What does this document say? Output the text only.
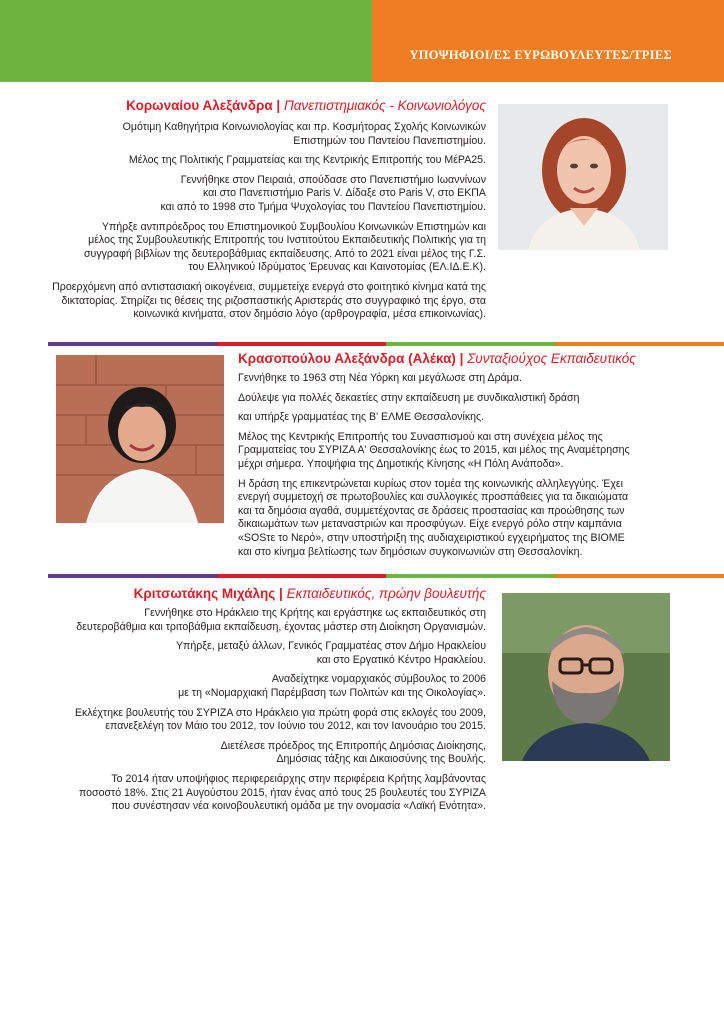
ΥΠΟΨΗΦΙΟΙ/ΕΣ ΕΥΡΩΒΟΥΛΕΥΤΕΣ/ΤΡΙΕΣ
Κορωναίου Αλεξάνδρα | Πανεπιστημιακός - Κοινωνιολόγος

Ομότιμη Καθηγήτρια Κοινωνιολογίας και πρ. Κοσμήτορας Σχολής Κοινωνικών
Επιστημών του Παντείου Πανεπιστημίου.

Μέλος της Πολιτικής Γραμματείας και της Κεντρικής Επιτροπής του ΜέΡΑ25.

Γεννήθηκε στον Πειραιά, σπούδασε στο Πανεπιστήμιο Ιωαννίνων
και στο Πανεπιστήμιο Paris V. Δίδαξε στο Paris V, στο ΕΚΠΑ
και από το 1998 στο Τμήμα Ψυχολογίας του Παντείου Πανεπιστημίου.

Υπήρξε αντιπρόεδρος του Επιστημονικού Συμβουλίου Κοινωνικών Επιστημών και
μέλος της Συμβουλευτικής Επιτροπής του Ινστιτούτου Εκπαιδευτικής Πολιτικής για τη
συγγραφή βιβλίων της δευτεροβάθμιας εκπαίδευσης. Από το 2021 είναι μέλος της Γ.Σ.
του Ελληνικού Ιδρύματος Έρευνας και Καινοτομίας (ΕΛ.ΙΔ.Ε.Κ).

Προερχόμενη από αντιστασιακή οικογένεια, συμμετείχε ενεργά στο φοιτητικό κίνημα κατά της
δικτατορίας. Στηρίζει τις θέσεις της ριζοσπαστικής Αριστεράς στο συγγραφικό της έργο, στα
κοινωνικά κινήματα, στον δημόσιο λόγο (αρθρογραφία, μέσα επικοινωνίας).

Κρασοπούλου Αλεξάνδρα (Αλέκα) | Συνταξιούχος Εκπαιδευτικός

Γεννήθηκε το 1963 στη Νέα Υόρκη και μεγάλωσε στη Δράμα.

Δούλεψε για πολλές δεκαετίες στην εκπαίδευση με συνδικαλιστική δράση

και υπήρξε γραμματέας της Β' ΕΛΜΕ Θεσσαλονίκης.

Μέλος της Κεντρικής Επιτροπής του Συνασπισμού και στη συνέχεια μέλος της
Γραμματείας του ΣΥΡΙΖΑ Α' Θεσσαλονίκης έως το 2015, και μέλος της Αναμέτρησης
μέχρι σήμερα. Υποψήφια της Δημοτικής Κίνησης «Η Πόλη Ανάποδα».

Η δράση της επικεντρώνεται κυρίως στον τομέα της κοινωνικής αλληλεγγύης. Έχει
ενεργή συμμετοχή σε πρωτοβουλίες και συλλογικές προσπάθειες για τα δικαιώματα
και τα δημόσια αγαθά, συμμετέχοντας σε δράσεις προστασίας και προώθησης των
δικαιωμάτων των μεταναστριών και προσφύγων. Είχε ενεργό ρόλο στην καμπάνια
«SOSτε το Νερό», στην υποστήριξη της αυδιαχειριστικού εγχειρήματος της ΒΙΟΜΕ
και στο κίνημα βελτίωσης των δημόσιων συγκοινωνιών στη Θεσσαλονίκη.

Κριτσωτάκης Μιχάλης | Εκπαιδευτικός, πρώην βουλευτής

Γεννήθηκε στο Ηράκλειο της Κρήτης και εργάστηκε ως εκπαιδευτικός στη
δευτεροβάθμια και τριτοβάθμια εκπαίδευση, έχοντας μάστερ στη Διοίκηση Οργανισμών.

Υπήρξε, μεταξύ άλλων, Γενικός Γραμματέας στον Δήμο Ηρακλείου
και στο Εργατικό Κέντρο Ηρακλείου.

Αναδείχτηκε νομαρχιακός σύμβουλος το 2006
με τη «Νομαρχιακή Παρέμβαση των Πολιτών και της Οικολογίας».

Εκλέχτηκε βουλευτής του ΣΥΡΙΖΑ στο Ηράκλειο για πρώτη φορά στις εκλογές του 2009,
επανεξελέγη τον Μάιο του 2012, τον Ιούνιο του 2012, και τον Ιανουάριο του 2015.

Διετέλεσε πρόεδρος της Επιτροπής Δημόσιας Διοίκησης,
Δημόσιας τάξης και Δικαιοσύνης της Βουλής.

Το 2014 ήταν υποψήφιος περιφερειάρχης στην περιφέρεια Κρήτης λαμβάνοντας
ποσοστό 18%. Στις 21 Αυγούστου 2015, ήταν ένας από τους 25 βουλευτές του ΣΥΡΙΖΑ
που συνέστησαν νέα κοινοβουλευτική ομάδα με την ονομασία «Λαϊκή Ενότητα».
